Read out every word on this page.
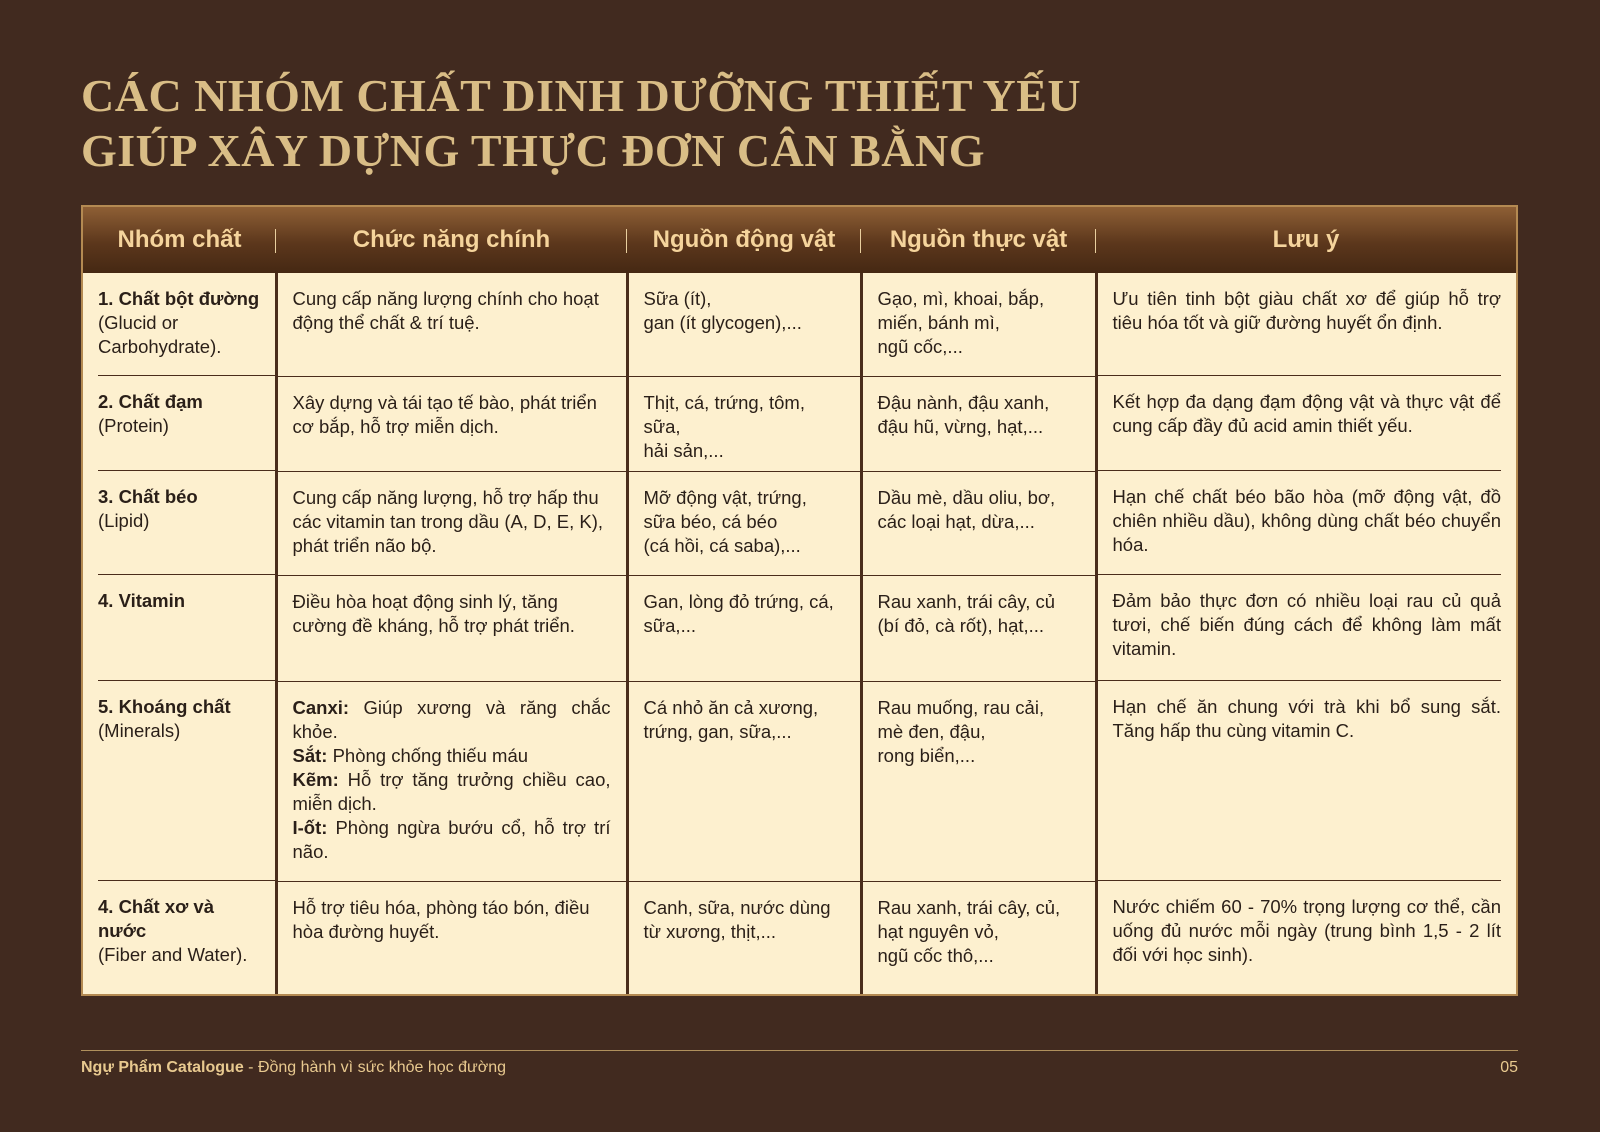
CÁC NHÓM CHẤT DINH DƯỠNG THIẾT YẾU
GIÚP XÂY DỰNG THỰC ĐƠN CÂN BẰNG
Nhóm chất	Chức năng chính	Nguồn động vật	Nguồn thực vật	Lưu ý

1. Chất bột đường
(Glucid or Carbohydrate).	Cung cấp năng lượng chính cho hoạt động thể chất & trí tuệ.	Sữa (ít),
gan (ít glycogen),...	Gạo, mì, khoai, bắp,
miến, bánh mì,
ngũ cốc,...	Ưu tiên tinh bột giàu chất xơ để giúp hỗ trợ tiêu hóa tốt và giữ đường huyết ổn định.

2. Chất đạm
(Protein)	Xây dựng và tái tạo tế bào, phát triển cơ bắp, hỗ trợ miễn dịch.	Thịt, cá, trứng, tôm, sữa,
hải sản,...	Đậu nành, đậu xanh,
đậu hũ, vừng, hạt,...	Kết hợp đa dạng đạm động vật và thực vật để cung cấp đầy đủ acid amin thiết yếu.

3. Chất béo
(Lipid)	Cung cấp năng lượng, hỗ trợ hấp thu các vitamin tan trong dầu (A, D, E, K), phát triển não bộ.	Mỡ động vật, trứng,
sữa béo, cá béo
(cá hồi, cá saba),...	Dầu mè, dầu oliu, bơ,
các loại hạt, dừa,...	Hạn chế chất béo bão hòa (mỡ động vật, đồ chiên nhiều dầu), không dùng chất béo chuyển hóa.

4. Vitamin	Điều hòa hoạt động sinh lý, tăng cường đề kháng, hỗ trợ phát triển.	Gan, lòng đỏ trứng, cá,
sữa,...	Rau xanh, trái cây, củ
(bí đỏ, cà rốt), hạt,...	Đảm bảo thực đơn có nhiều loại rau củ quả tươi, chế biến đúng cách để không làm mất vitamin.

5. Khoáng chất
(Minerals)	Canxi: Giúp xương và răng chắc khỏe.
Sắt: Phòng chống thiếu máu
Kẽm: Hỗ trợ tăng trưởng chiều cao, miễn dịch.
I-ốt: Phòng ngừa bướu cổ, hỗ trợ trí não.	Cá nhỏ ăn cả xương,
trứng, gan, sữa,...	Rau muống, rau cải,
mè đen, đậu,
rong biển,...	Hạn chế ăn chung với trà khi bổ sung sắt. Tăng hấp thu cùng vitamin C.

4. Chất xơ và nước
(Fiber and Water).	Hỗ trợ tiêu hóa, phòng táo bón, điều hòa đường huyết.	Canh, sữa, nước dùng
từ xương, thịt,...	Rau xanh, trái cây, củ,
hạt nguyên vỏ,
ngũ cốc thô,...	Nước chiếm 60 - 70% trọng lượng cơ thể, cần uống đủ nước mỗi ngày (trung bình 1,5 - 2 lít đối với học sinh).
Ngự Phẩm Catalogue - Đồng hành vì sức khỏe học đường	05
